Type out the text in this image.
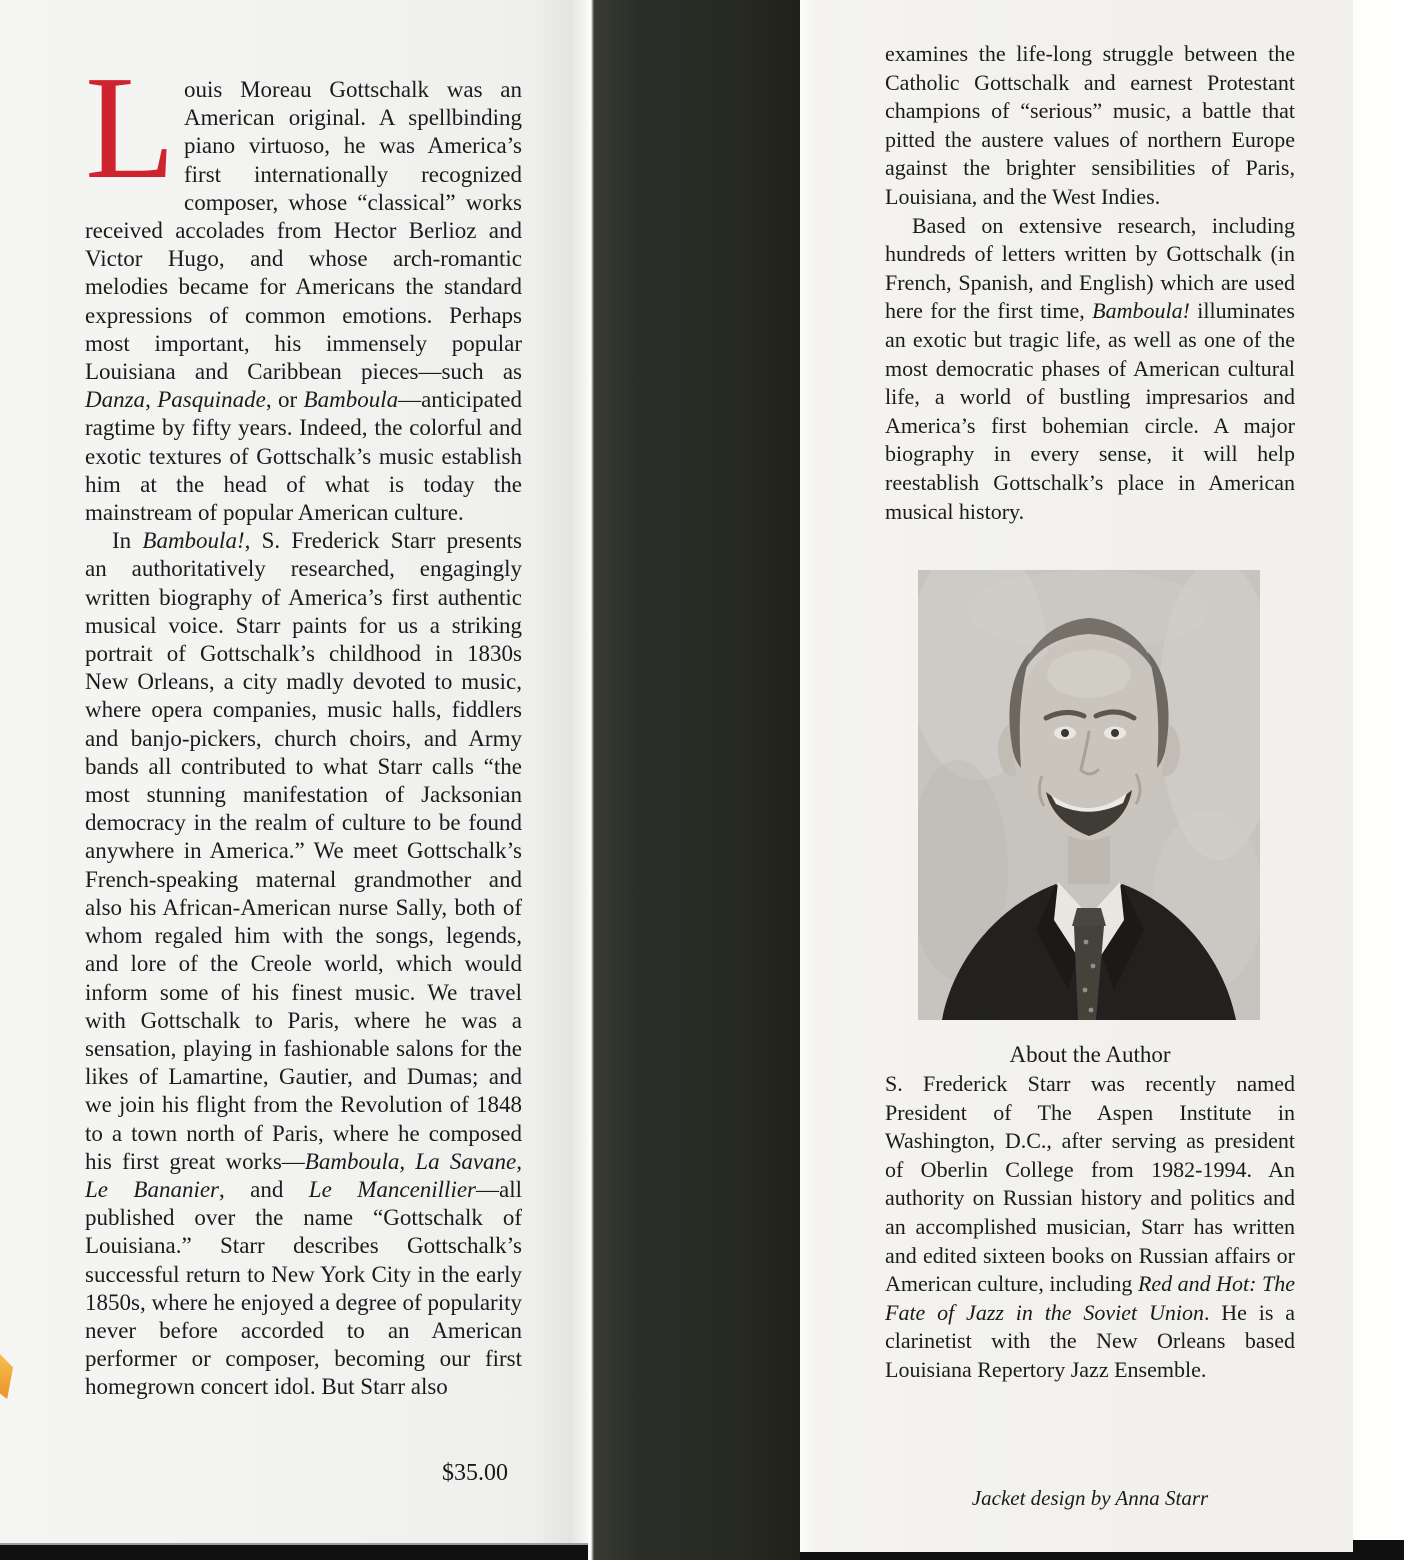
Louis Moreau Gottschalk was an American original. A spellbinding piano virtuoso, he was America’s first internationally recognized composer, whose “classical” works received accolades from Hector Berlioz and Victor Hugo, and whose arch-romantic melodies became for Americans the standard expressions of common emotions. Perhaps most important, his immensely popular Louisiana and Caribbean pieces—such as Danza, Pasquinade, or Bamboula—anticipated ragtime by fifty years. Indeed, the colorful and exotic textures of Gottschalk’s music establish him at the head of what is today the mainstream of popular American culture.

In Bamboula!, S. Frederick Starr presents an authoritatively researched, engagingly written biography of America’s first authentic musical voice. Starr paints for us a striking portrait of Gottschalk’s childhood in 1830s New Orleans, a city madly devoted to music, where opera companies, music halls, fiddlers and banjo-pickers, church choirs, and Army bands all contributed to what Starr calls “the most stunning manifestation of Jacksonian democracy in the realm of culture to be found anywhere in America.” We meet Gottschalk’s French-speaking maternal grandmother and also his African-American nurse Sally, both of whom regaled him with the songs, legends, and lore of the Creole world, which would inform some of his finest music. We travel with Gottschalk to Paris, where he was a sensation, playing in fashionable salons for the likes of Lamartine, Gautier, and Dumas; and we join his flight from the Revolution of 1848 to a town north of Paris, where he composed his first great works—Bamboula, La Savane, Le Bananier, and Le Mancenillier—all published over the name “Gottschalk of Louisiana.” Starr describes Gottschalk’s successful return to New York City in the early 1850s, where he enjoyed a degree of popularity never before accorded to an American performer or composer, becoming our first homegrown concert idol. But Starr also

$35.00

examines the life-long struggle between the Catholic Gottschalk and earnest Protestant champions of “serious” music, a battle that pitted the austere values of northern Europe against the brighter sensibilities of Paris, Louisiana, and the West Indies.

Based on extensive research, including hundreds of letters written by Gottschalk (in French, Spanish, and English) which are used here for the first time, Bamboula! illuminates an exotic but tragic life, as well as one of the most democratic phases of American cultural life, a world of bustling impresarios and America’s first bohemian circle. A major biography in every sense, it will help reestablish Gottschalk’s place in American musical history.

About the Author

S. Frederick Starr was recently named President of The Aspen Institute in Washington, D.C., after serving as president of Oberlin College from 1982-1994. An authority on Russian history and politics and an accomplished musician, Starr has written and edited sixteen books on Russian affairs or American culture, including Red and Hot: The Fate of Jazz in the Soviet Union. He is a clarinetist with the New Orleans based Louisiana Repertory Jazz Ensemble.

Jacket design by Anna Starr
